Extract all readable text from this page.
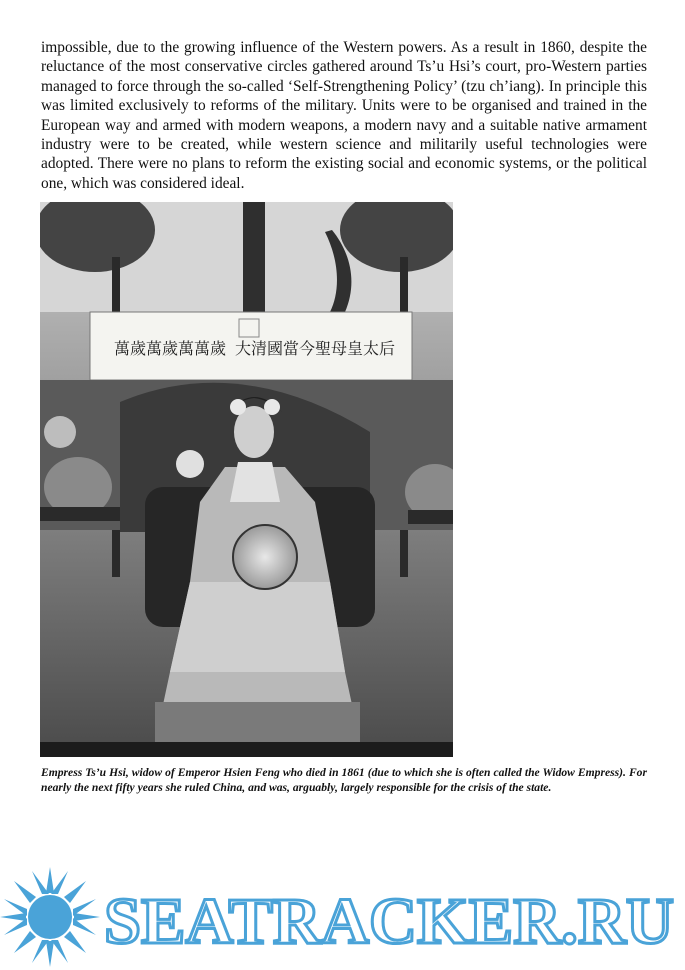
impossible, due to the growing influence of the Western powers. As a result in 1860, despite the reluctance of the most conservative circles gathered around Ts’u Hsi’s court, pro-Western parties managed to force through the so-called ‘Self-Strengthening Policy’ (tzu ch’iang). In principle this was limited exclusively to reforms of the military. Units were to be organised and trained in the European way and armed with modern weapons, a modern navy and a suitable native armament industry were to be created, while western science and militarily useful technologies were adopted. There were no plans to reform the existing social and economic systems, or the political one, which was considered ideal.

大清國當今聖母皇太后
萬歲萬歲萬萬歲

Empress Ts’u Hsi, widow of Emperor Hsien Feng who died in 1861 (due to which she is often called the Widow Empress). For nearly the next fifty years she ruled China, and was, arguably, largely responsible for the crisis of the state.

SEATRACKER.RU
